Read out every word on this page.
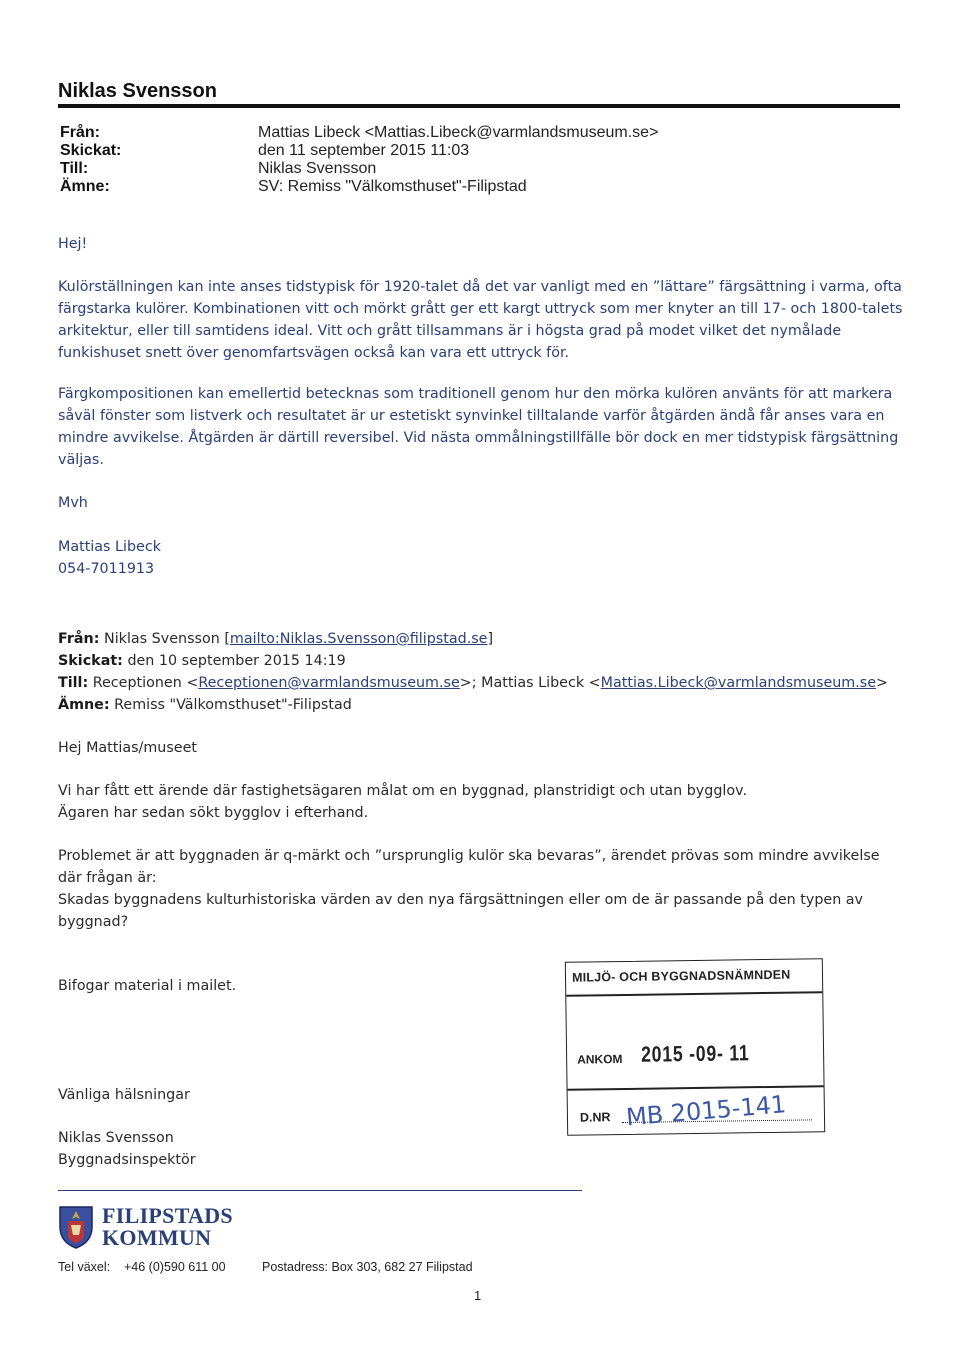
Niklas Svensson
Från:	Mattias Libeck <Mattias.Libeck@varmlandsmuseum.se>
Skickat:	den 11 september 2015 11:03
Till:	Niklas Svensson
Ämne:	SV: Remiss "Välkomsthuset"-Filipstad
Hej!
Kulörställningen kan inte anses tidstypisk för 1920-talet då det var vanligt med en ”lättare” färgsättning i varma, ofta färgstarka kulörer. Kombinationen vitt och mörkt grått ger ett kargt uttryck som mer knyter an till 17- och 1800-talets arkitektur, eller till samtidens ideal. Vitt och grått tillsammans är i högsta grad på modet vilket det nymålade funkishuset snett över genomfartsvägen också kan vara ett uttryck för.
Färgkompositionen kan emellertid betecknas som traditionell genom hur den mörka kulören använts för att markera såväl fönster som listverk och resultatet är ur estetiskt synvinkel tilltalande varför åtgärden ändå får anses vara en mindre avvikelse. Åtgärden är därtill reversibel. Vid nästa ommålningstillfälle bör dock en mer tidstypisk färgsättning väljas.
Mvh
Mattias Libeck
054-7011913
Från: Niklas Svensson [mailto:Niklas.Svensson@filipstad.se]
Skickat: den 10 september 2015 14:19
Till: Receptionen <Receptionen@varmlandsmuseum.se>; Mattias Libeck <Mattias.Libeck@varmlandsmuseum.se>
Ämne: Remiss "Välkomsthuset"-Filipstad
Hej Mattias/museet
Vi har fått ett ärende där fastighetsägaren målat om en byggnad, planstridigt och utan bygglov.
Ägaren har sedan sökt bygglov i efterhand.
Problemet är att byggnaden är q-märkt och ”ursprunglig kulör ska bevaras”, ärendet prövas som mindre avvikelse där frågan är:
Skadas byggnadens kulturhistoriska värden av den nya färgsättningen eller om de är passande på den typen av byggnad?
Bifogar material i mailet.
Vänliga hälsningar
Niklas Svensson
Byggnadsinspektör
MILJÖ- OCH BYGGNADSNÄMNDEN
ANKOM 2015 -09- 11
D.NR MB 2015-141
FILIPSTADS
KOMMUN
Tel växel: +46 (0)590 611 00	Postadress: Box 303, 682 27 Filipstad
1
